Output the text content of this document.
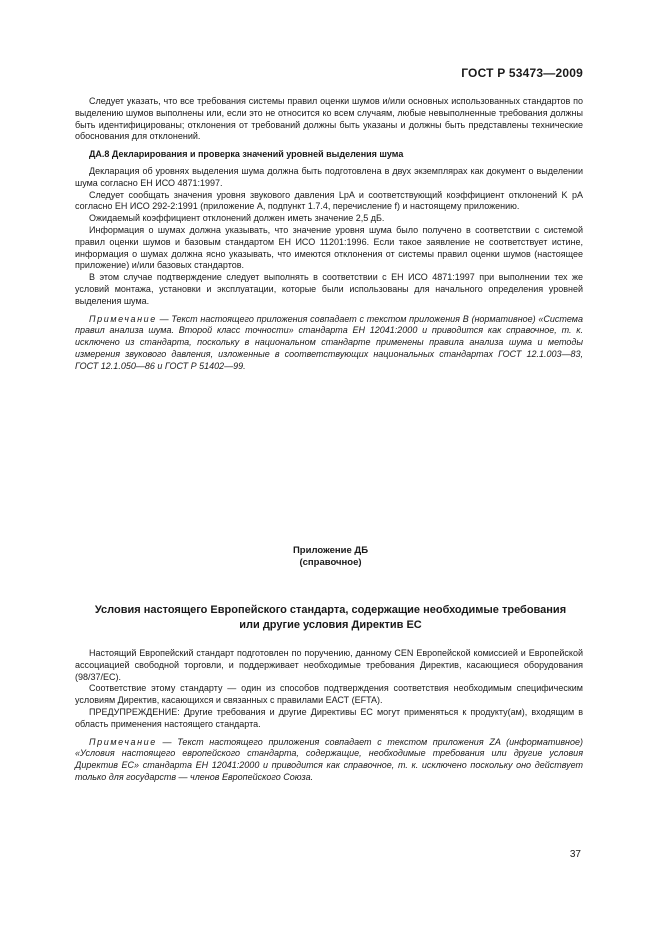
ГОСТ Р 53473—2009

Следует указать, что все требования системы правил оценки шумов и/или основных использованных стандартов по выделению шумов выполнены или, если это не относится ко всем случаям, любые невыполненные требования должны быть идентифицированы; отклонения от требований должны быть указаны и должны быть представлены технические обоснования для отклонений.

ДА.8 Декларирования и проверка значений уровней выделения шума

Декларация об уровнях выделения шума должна быть подготовлена в двух экземплярах как документ о выделении шума согласно ЕН ИСО 4871:1997.

Следует сообщать значения уровня звукового давления LpA и соответствующий коэффициент отклонений K pA согласно ЕН ИСО 292-2:1991 (приложение А, подпункт 1.7.4, перечисление f) и настоящему приложению.

Ожидаемый коэффициент отклонений должен иметь значение 2,5 дБ.

Информация о шумах должна указывать, что значение уровня шума было получено в соответствии с системой правил оценки шумов и базовым стандартом ЕН ИСО 11201:1996. Если такое заявление не соответствует истине, информация о шумах должна ясно указывать, что имеются отклонения от системы правил оценки шумов (настоящее приложение) и/или базовых стандартов.

В этом случае подтверждение следует выполнять в соответствии с ЕН ИСО 4871:1997 при выполнении тех же условий монтажа, установки и эксплуатации, которые были использованы для начального определения уровней выделения шума.

Примечание — Текст настоящего приложения совпадает с текстом приложения В (нормативное) «Система правил анализа шума. Второй класс точности» стандарта ЕН 12041:2000 и приводится как справочное, т. к. исключено из стандарта, поскольку в национальном стандарте применены правила анализа шума и методы измерения звукового давления, изложенные в соответствующих национальных стандартах ГОСТ 12.1.003—83, ГОСТ 12.1.050—86 и ГОСТ Р 51402—99.

Приложение ДБ
(справочное)
Условия настоящего Европейского стандарта, содержащие необходимые требования
или другие условия Директив ЕС

Настоящий Европейский стандарт подготовлен по поручению, данному CEN Европейской комиссией и Европейской ассоциацией свободной торговли, и поддерживает необходимые требования Директив, касающиеся оборудования (98/37/ЕС).

Соответствие этому стандарту — один из способов подтверждения соответствия необходимым специфическим условиям Директив, касающихся и связанных с правилами ЕАСТ (EFTA).

ПРЕДУПРЕЖДЕНИЕ: Другие требования и другие Директивы ЕС могут применяться к продукту(ам), входящим в область применения настоящего стандарта.

Примечание — Текст настоящего приложения совпадает с текстом приложения ZA (информативное) «Условия настоящего европейского стандарта, содержащие, необходимые требования или другие условия Директив ЕС» стандарта ЕН 12041:2000 и приводится как справочное, т. к. исключено поскольку оно действует только для государств — членов Европейского Союза.

37
